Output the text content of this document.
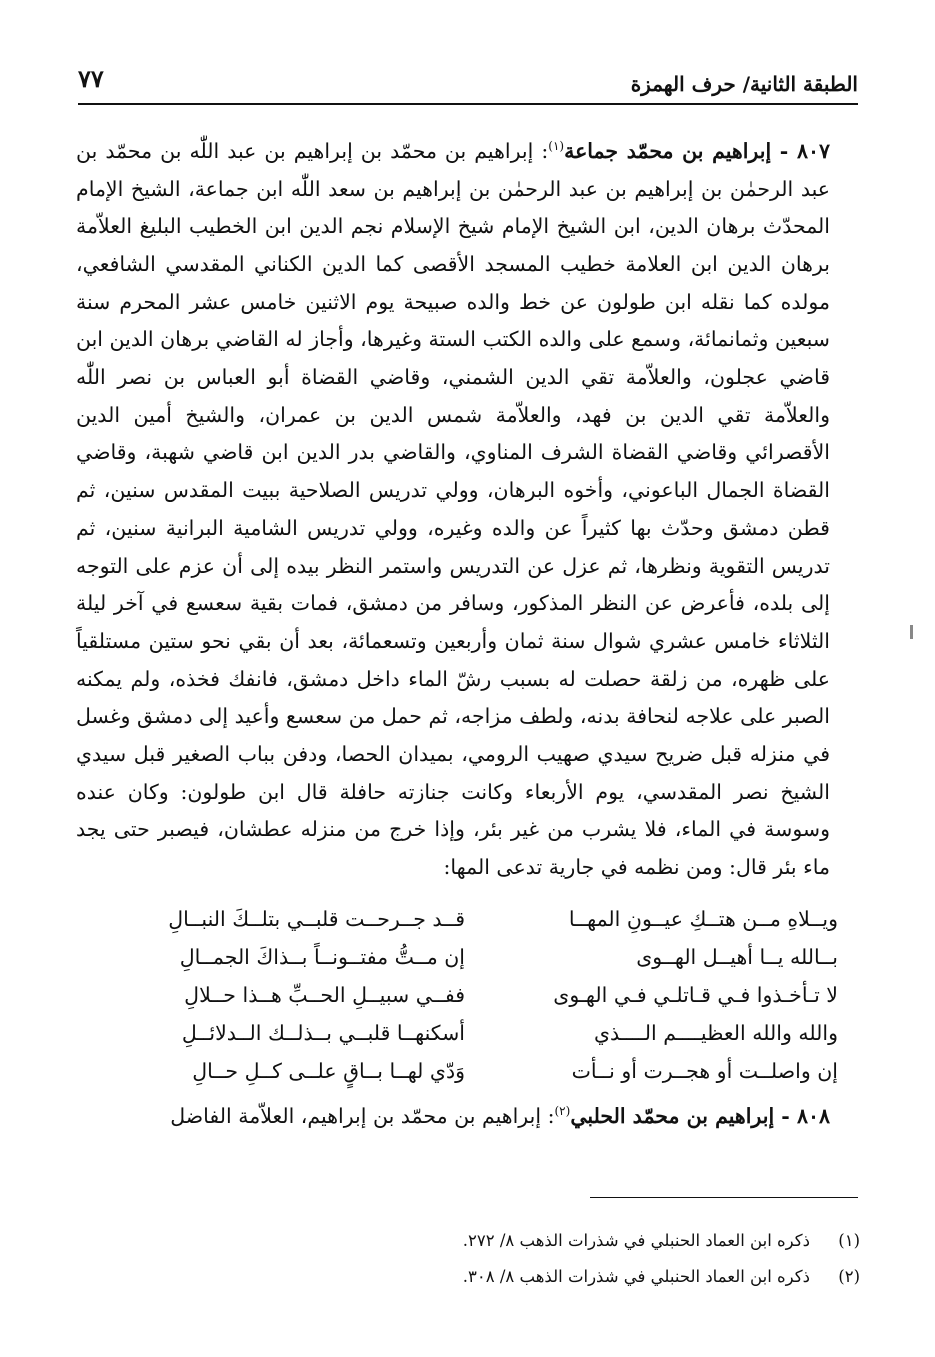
الطبقة الثانية/ حرف الهمزة
٧٧

٨٠٧ - إبراهيم بن محمّد جماعة$^{(١)}$: إبراهيم بن محمّد بن إبراهيم بن عبد اللّٰه بن محمّد بن عبد الرحمٰن بن إبراهيم بن عبد الرحمٰن بن إبراهيم بن سعد اللّٰه ابن جماعة، الشيخ الإمام المحدّث برهان الدين، ابن الشيخ الإمام شيخ الإسلام نجم الدين ابن الخطيب البليغ العلاّمة برهان الدين ابن العلامة خطيب المسجد الأقصى كما الدين الكناني المقدسي الشافعي، مولده كما نقله ابن طولون عن خط والده صبيحة يوم الاثنين خامس عشر المحرم سنة سبعين وثمانمائة، وسمع على والده الكتب الستة وغيرها، وأجاز له القاضي برهان الدين ابن قاضي عجلون، والعلاّمة تقي الدين الشمني، وقاضي القضاة أبو العباس بن نصر اللّٰه والعلاّمة تقي الدين بن فهد، والعلاّمة شمس الدين بن عمران، والشيخ أمين الدين الأقصرائي وقاضي القضاة الشرف المناوي، والقاضي بدر الدين ابن قاضي شهبة، وقاضي القضاة الجمال الباعوني، وأخوه البرهان، وولي تدريس الصلاحية ببيت المقدس سنين، ثم قطن دمشق وحدّث بها كثيراً عن والده وغيره، وولي تدريس الشامية البرانية سنين، ثم تدريس التقوية ونظرها، ثم عزل عن التدريس واستمر النظر بيده إلى أن عزم على التوجه إلى بلده، فأعرض عن النظر المذكور، وسافر من دمشق، فمات بقية سعسع في آخر ليلة الثلاثاء خامس عشري شوال سنة ثمان وأربعين وتسعمائة، بعد أن بقي نحو ستين مستلقياً على ظهره، من زلقة حصلت له بسبب رشّ الماء داخل دمشق، فانفك فخذه، ولم يمكنه الصبر على علاجه لنحافة بدنه، ولطف مزاجه، ثم حمل من سعسع وأعيد إلى دمشق وغسل في منزله قبل ضريح سيدي صهيب الرومي، بميدان الحصا، ودفن بباب الصغير قبل سيدي الشيخ نصر المقدسي، يوم الأربعاء وكانت جنازته حافلة قال ابن طولون: وكان عنده وسوسة في الماء، فلا يشرب من غير بئر، وإذا خرج من منزله عطشان، فيصبر حتى يجد ماء بئر قال: ومن نظمه في جارية تدعى المها:

ويــلاهِ مــن هتــكِ عيــونِ المهــا
قــد جــرحــت قلبــي بتلــكَ النبــالِ
بــالله يــا أهيــل الهــوى
إن مــتُّ مفتــونــاً بــذاكَ الجمــالِ
لا تـأخـذوا فـي قـاتلـي فـي الهـوى
ففــي سبيــلِ الحــبِّ هــذا حــلالِ
والله والله العظيــــم الــــذي
أسكنهــا قلبــي بــذلــك الــدلائــلِ
إن واصلــت أو هجــرت أو نــأت
وَدّي لهــا بــاقٍ علــى كــلِ حــالِ

٨٠٨ - إبراهيم بن محمّد الحلبي$^{(٢)}$: إبراهيم بن محمّد بن إبراهيم، العلاّمة الفاضل

(١)ذكره ابن العماد الحنبلي في شذرات الذهب ٨/ ٢٧٢.

(٢)ذكره ابن العماد الحنبلي في شذرات الذهب ٨/ ٣٠٨.
